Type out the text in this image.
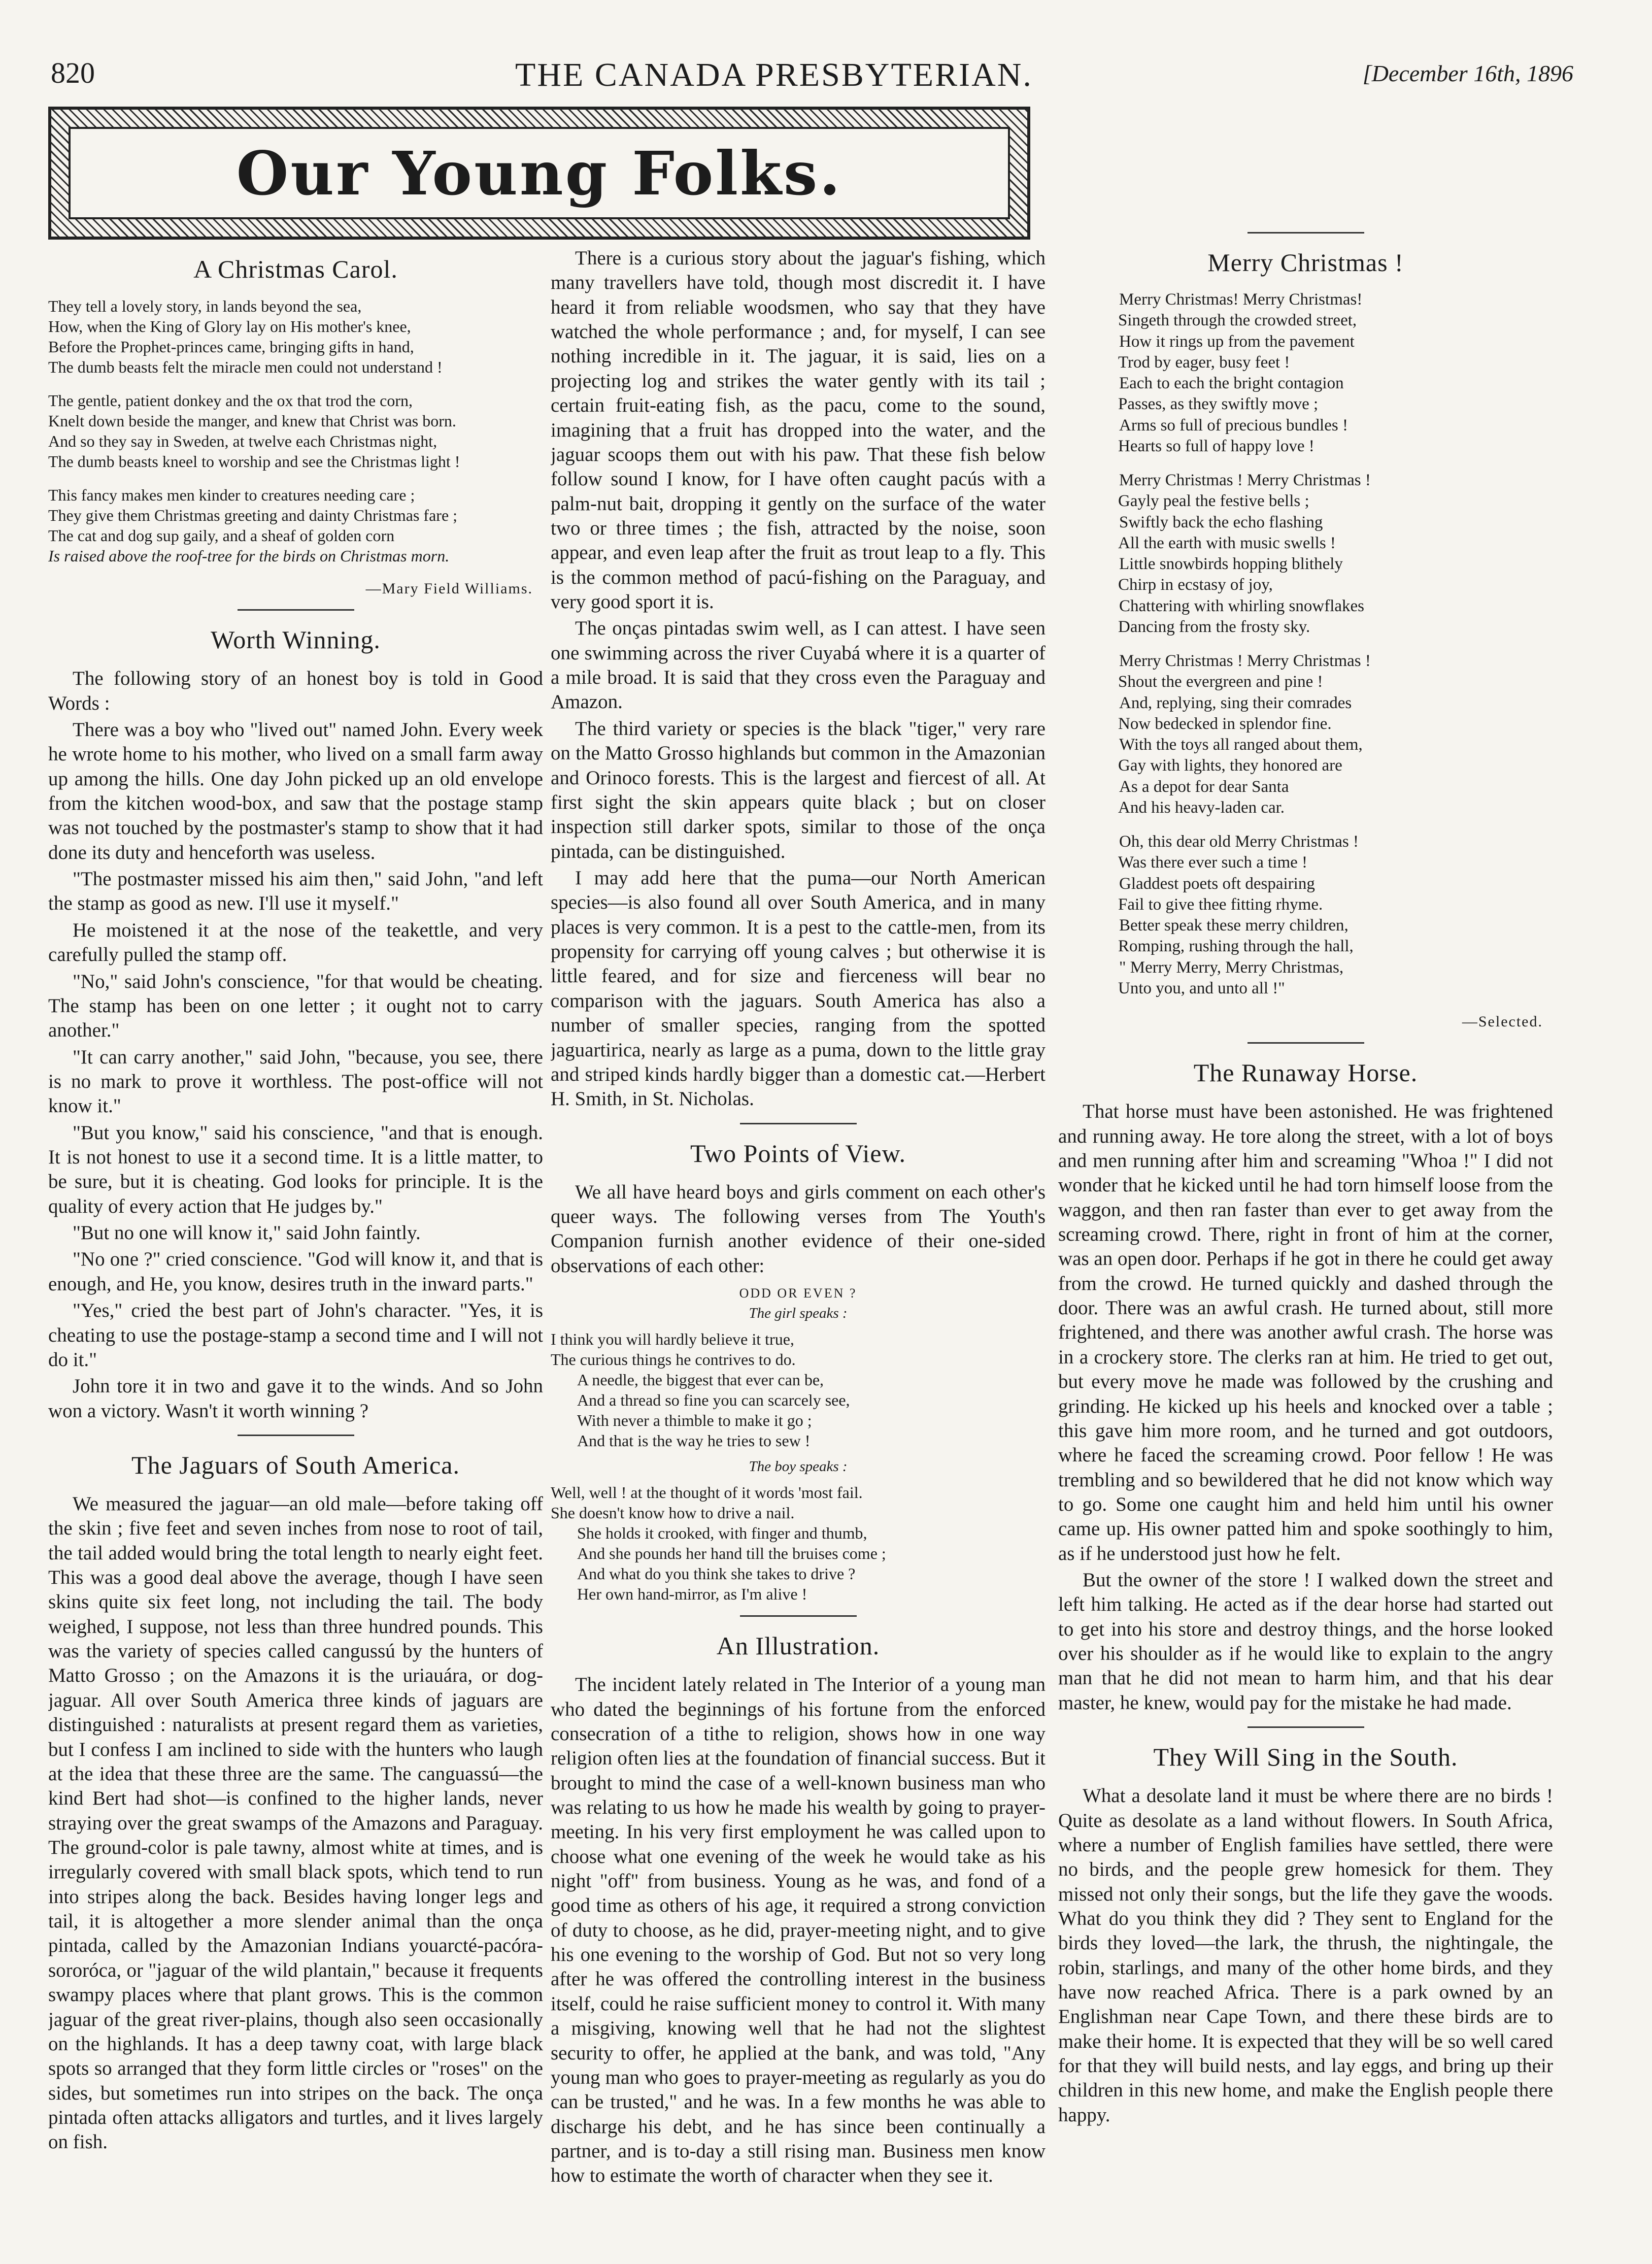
820	THE CANADA PRESBYTERIAN.	[December 16th, 1896
Our Young Folks.
A Christmas Carol.
They tell a lovely story, in lands beyond the sea,
How, when the King of Glory lay on His mother's knee,
Before the Prophet-princes came, bringing gifts in hand,
The dumb beasts felt the miracle men could not understand !
The gentle, patient donkey and the ox that trod the corn,
Knelt down beside the manger, and knew that Christ was born.
And so they say in Sweden, at twelve each Christmas night,
The dumb beasts kneel to worship and see the Christmas light !
This fancy makes men kinder to creatures needing care ;
They give them Christmas greeting and dainty Christmas fare ;
The cat and dog sup gaily, and a sheaf of golden corn
Is raised above the roof-tree for the birds on Christmas morn.
—Mary Field Williams.
Worth Winning.

The following story of an honest boy is told in Good Words :

There was a boy who "lived out" named John. Every week he wrote home to his mother, who lived on a small farm away up among the hills. One day John picked up an old envelope from the kitchen wood-box, and saw that the postage stamp was not touched by the postmaster's stamp to show that it had done its duty and henceforth was useless.

"The postmaster missed his aim then," said John, "and left the stamp as good as new. I'll use it myself."

He moistened it at the nose of the teakettle, and very carefully pulled the stamp off.

"No," said John's conscience, "for that would be cheating. The stamp has been on one letter ; it ought not to carry another."

"It can carry another," said John, "because, you see, there is no mark to prove it worthless. The post-office will not know it."

"But you know," said his conscience, "and that is enough. It is not honest to use it a second time. It is a little matter, to be sure, but it is cheating. God looks for principle. It is the quality of every action that He judges by."

"But no one will know it," said John faintly.

"No one ?" cried conscience. "God will know it, and that is enough, and He, you know, desires truth in the inward parts."

"Yes," cried the best part of John's character. "Yes, it is cheating to use the postage-stamp a second time and I will not do it."

John tore it in two and gave it to the winds. And so John won a victory. Wasn't it worth winning ?

The Jaguars of South America.

We measured the jaguar—an old male—before taking off the skin ; five feet and seven inches from nose to root of tail, the tail added would bring the total length to nearly eight feet. This was a good deal above the average, though I have seen skins quite six feet long, not including the tail. The body weighed, I suppose, not less than three hundred pounds. This was the variety of species called cangussú by the hunters of Matto Grosso ; on the Amazons it is the uriauára, or dog-jaguar. All over South America three kinds of jaguars are distinguished : naturalists at present regard them as varieties, but I confess I am inclined to side with the hunters who laugh at the idea that these three are the same. The canguassú—the kind Bert had shot—is confined to the higher lands, never straying over the great swamps of the Amazons and Paraguay. The ground-color is pale tawny, almost white at times, and is irregularly covered with small black spots, which tend to run into stripes along the back. Besides having longer legs and tail, it is altogether a more slender animal than the onça pintada, called by the Amazonian Indians youarcté-pacóra-sororóca, or "jaguar of the wild plantain," because it frequents swampy places where that plant grows. This is the common jaguar of the great river-plains, though also seen occasionally on the highlands. It has a deep tawny coat, with large black spots so arranged that they form little circles or "roses" on the sides, but sometimes run into stripes on the back. The onça pintada often attacks alligators and turtles, and it lives largely on fish.

There is a curious story about the jaguar's fishing, which many travellers have told, though most discredit it. I have heard it from reliable woodsmen, who say that they have watched the whole performance ; and, for myself, I can see nothing incredible in it. The jaguar, it is said, lies on a projecting log and strikes the water gently with its tail ; certain fruit-eating fish, as the pacu, come to the sound, imagining that a fruit has dropped into the water, and the jaguar scoops them out with his paw. That these fish below follow sound I know, for I have often caught pacús with a palm-nut bait, dropping it gently on the surface of the water two or three times ; the fish, attracted by the noise, soon appear, and even leap after the fruit as trout leap to a fly. This is the common method of pacú-fishing on the Paraguay, and very good sport it is.

The onças pintadas swim well, as I can attest. I have seen one swimming across the river Cuyabá where it is a quarter of a mile broad. It is said that they cross even the Paraguay and Amazon.

The third variety or species is the black "tiger," very rare on the Matto Grosso highlands but common in the Amazonian and Orinoco forests. This is the largest and fiercest of all. At first sight the skin appears quite black ; but on closer inspection still darker spots, similar to those of the onça pintada, can be distinguished.

I may add here that the puma—our North American species—is also found all over South America, and in many places is very common. It is a pest to the cattle-men, from its propensity for carrying off young calves ; but otherwise it is little feared, and for size and fierceness will bear no comparison with the jaguars. South America has also a number of smaller species, ranging from the spotted jaguartirica, nearly as large as a puma, down to the little gray and striped kinds hardly bigger than a domestic cat.—Herbert H. Smith, in St. Nicholas.

Two Points of View.

We all have heard boys and girls comment on each other's queer ways. The following verses from The Youth's Companion furnish another evidence of their one-sided observations of each other:

ODD OR EVEN ?
The girl speaks :
I think you will hardly believe it true,
The curious things he contrives to do.
A needle, the biggest that ever can be,
And a thread so fine you can scarcely see,
With never a thimble to make it go ;
And that is the way he tries to sew !
The boy speaks :
Well, well ! at the thought of it words 'most fail.
She doesn't know how to drive a nail.
She holds it crooked, with finger and thumb,
And she pounds her hand till the bruises come ;
And what do you think she takes to drive ?
Her own hand-mirror, as I'm alive !
An Illustration.

The incident lately related in The Interior of a young man who dated the beginnings of his fortune from the enforced consecration of a tithe to religion, shows how in one way religion often lies at the foundation of financial success. But it brought to mind the case of a well-known business man who was relating to us how he made his wealth by going to prayer-meeting. In his very first employment he was called upon to choose what one evening of the week he would take as his night "off" from business. Young as he was, and fond of a good time as others of his age, it required a strong conviction of duty to choose, as he did, prayer-meeting night, and to give his one evening to the worship of God. But not so very long after he was offered the controlling interest in the business itself, could he raise sufficient money to control it. With many a misgiving, knowing well that he had not the slightest security to offer, he applied at the bank, and was told, "Any young man who goes to prayer-meeting as regularly as you do can be trusted," and he was. In a few months he was able to discharge his debt, and he has since been continually a partner, and is to-day a still rising man. Business men know how to estimate the worth of character when they see it.

Merry Christmas !
Merry Christmas! Merry Christmas!
Singeth through the crowded street,
How it rings up from the pavement
Trod by eager, busy feet !
Each to each the bright contagion
Passes, as they swiftly move ;
Arms so full of precious bundles !
Hearts so full of happy love !
Merry Christmas ! Merry Christmas !
Gayly peal the festive bells ;
Swiftly back the echo flashing
All the earth with music swells !
Little snowbirds hopping blithely
Chirp in ecstasy of joy,
Chattering with whirling snowflakes
Dancing from the frosty sky.
Merry Christmas ! Merry Christmas !
Shout the evergreen and pine !
And, replying, sing their comrades
Now bedecked in splendor fine.
With the toys all ranged about them,
Gay with lights, they honored are
As a depot for dear Santa
And his heavy-laden car.
Oh, this dear old Merry Christmas !
Was there ever such a time !
Gladdest poets oft despairing
Fail to give thee fitting rhyme.
Better speak these merry children,
Romping, rushing through the hall,
" Merry Merry, Merry Christmas,
Unto you, and unto all !"
—Selected.
The Runaway Horse.

That horse must have been astonished. He was frightened and running away. He tore along the street, with a lot of boys and men running after him and screaming "Whoa !" I did not wonder that he kicked until he had torn himself loose from the waggon, and then ran faster than ever to get away from the screaming crowd. There, right in front of him at the corner, was an open door. Perhaps if he got in there he could get away from the crowd. He turned quickly and dashed through the door. There was an awful crash. He turned about, still more frightened, and there was another awful crash. The horse was in a crockery store. The clerks ran at him. He tried to get out, but every move he made was followed by the crushing and grinding. He kicked up his heels and knocked over a table ; this gave him more room, and he turned and got outdoors, where he faced the screaming crowd. Poor fellow ! He was trembling and so bewildered that he did not know which way to go. Some one caught him and held him until his owner came up. His owner patted him and spoke soothingly to him, as if he understood just how he felt.

But the owner of the store ! I walked down the street and left him talking. He acted as if the dear horse had started out to get into his store and destroy things, and the horse looked over his shoulder as if he would like to explain to the angry man that he did not mean to harm him, and that his dear master, he knew, would pay for the mistake he had made.

They Will Sing in the South.

What a desolate land it must be where there are no birds ! Quite as desolate as a land without flowers. In South Africa, where a number of English families have settled, there were no birds, and the people grew homesick for them. They missed not only their songs, but the life they gave the woods. What do you think they did ? They sent to England for the birds they loved—the lark, the thrush, the nightingale, the robin, starlings, and many of the other home birds, and they have now reached Africa. There is a park owned by an Englishman near Cape Town, and there these birds are to make their home. It is expected that they will be so well cared for that they will build nests, and lay eggs, and bring up their children in this new home, and make the English people there happy.
